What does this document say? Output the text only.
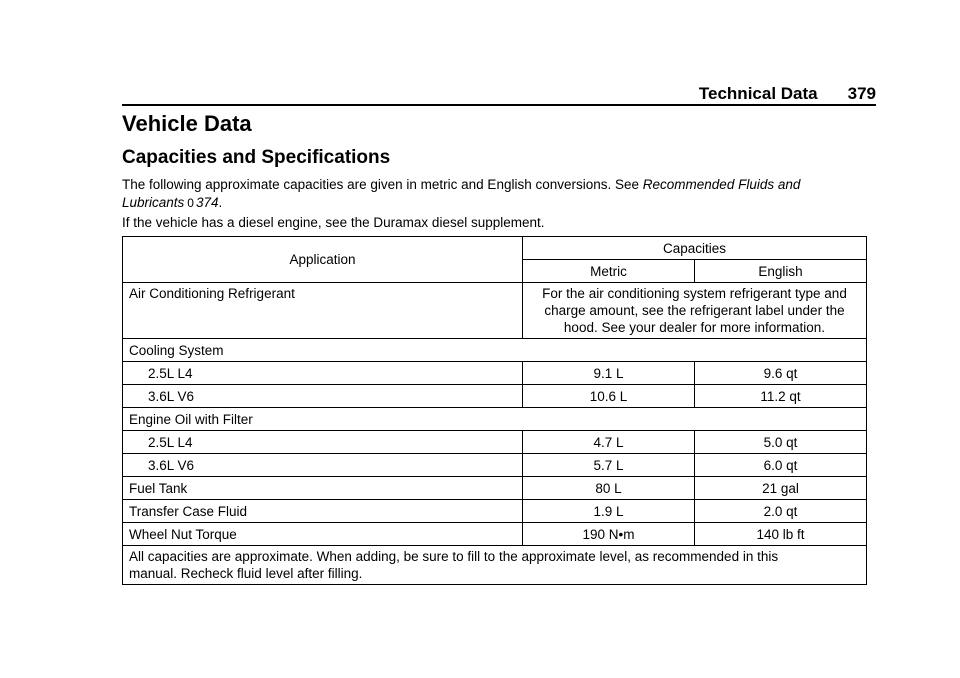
Technical Data 379
Vehicle Data
Capacities and Specifications

The following approximate capacities are given in metric and English conversions. See Recommended Fluids and Lubricants 0 374.

If the vehicle has a diesel engine, see the Duramax diesel supplement.

Application	Capacities	
	Metric	English
Air Conditioning Refrigerant	For the air conditioning system refrigerant type and charge amount, see the refrigerant label under the hood. See your dealer for more information.	
Cooling System		
2.5L L4	9.1 L	9.6 qt
3.6L V6	10.6 L	11.2 qt
Engine Oil with Filter		
2.5L L4	4.7 L	5.0 qt
3.6L V6	5.7 L	6.0 qt
Fuel Tank	80 L	21 gal
Transfer Case Fluid	1.9 L	2.0 qt
Wheel Nut Torque	190 N•m	140 lb ft
All capacities are approximate. When adding, be sure to fill to the approximate level, as recommended in this manual. Recheck fluid level after filling.		
